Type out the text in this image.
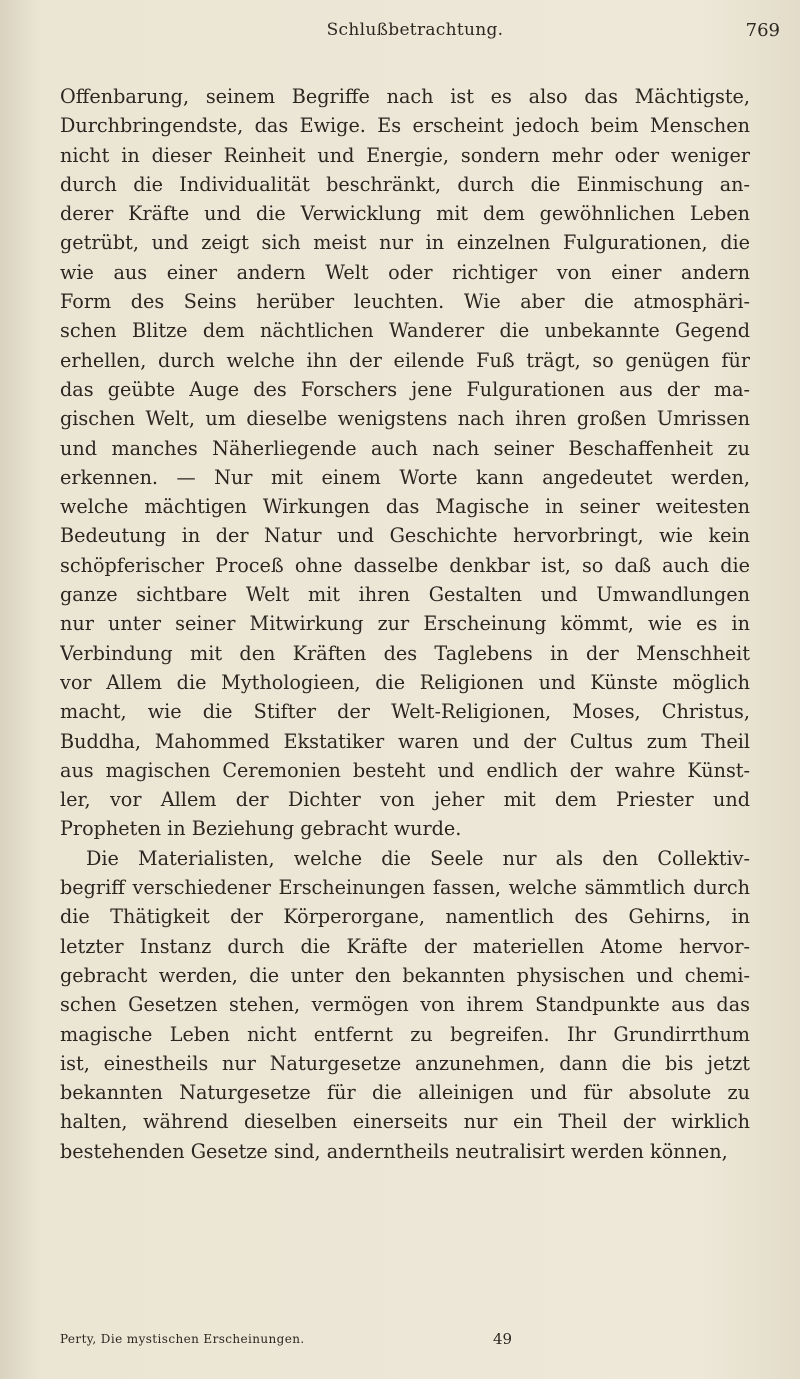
Schlußbetrachtung.	769
Offenbarung, seinem Begriffe nach ist es also das Mächtigste,
Durchbringendste, das Ewige. Es erscheint jedoch beim Menschen
nicht in dieser Reinheit und Energie, sondern mehr oder weniger
durch die Individualität beschränkt, durch die Einmischung an-
derer Kräfte und die Verwicklung mit dem gewöhnlichen Leben
getrübt, und zeigt sich meist nur in einzelnen Fulgurationen, die
wie aus einer andern Welt oder richtiger von einer andern
Form des Seins herüber leuchten. Wie aber die atmosphäri-
schen Blitze dem nächtlichen Wanderer die unbekannte Gegend
erhellen, durch welche ihn der eilende Fuß trägt, so genügen für
das geübte Auge des Forschers jene Fulgurationen aus der ma-
gischen Welt, um dieselbe wenigstens nach ihren großen Umrissen
und manches Näherliegende auch nach seiner Beschaffenheit zu
erkennen. — Nur mit einem Worte kann angedeutet werden,
welche mächtigen Wirkungen das Magische in seiner weitesten
Bedeutung in der Natur und Geschichte hervorbringt, wie kein
schöpferischer Proceß ohne dasselbe denkbar ist, so daß auch die
ganze sichtbare Welt mit ihren Gestalten und Umwandlungen
nur unter seiner Mitwirkung zur Erscheinung kömmt, wie es in
Verbindung mit den Kräften des Taglebens in der Menschheit
vor Allem die Mythologieen, die Religionen und Künste möglich
macht, wie die Stifter der Welt-Religionen, Moses, Christus,
Buddha, Mahommed Ekstatiker waren und der Cultus zum Theil
aus magischen Ceremonien besteht und endlich der wahre Künst-
ler, vor Allem der Dichter von jeher mit dem Priester und
Propheten in Beziehung gebracht wurde.
Die Materialisten, welche die Seele nur als den Collektiv-
begriff verschiedener Erscheinungen fassen, welche sämmtlich durch
die Thätigkeit der Körperorgane, namentlich des Gehirns, in
letzter Instanz durch die Kräfte der materiellen Atome hervor-
gebracht werden, die unter den bekannten physischen und chemi-
schen Gesetzen stehen, vermögen von ihrem Standpunkte aus das
magische Leben nicht entfernt zu begreifen. Ihr Grundirrthum
ist, einestheils nur Naturgesetze anzunehmen, dann die bis jetzt
bekannten Naturgesetze für die alleinigen und für absolute zu
halten, während dieselben einerseits nur ein Theil der wirklich
bestehenden Gesetze sind, anderntheils neutralisirt werden können,
Perty, Die mystischen Erscheinungen.	49
